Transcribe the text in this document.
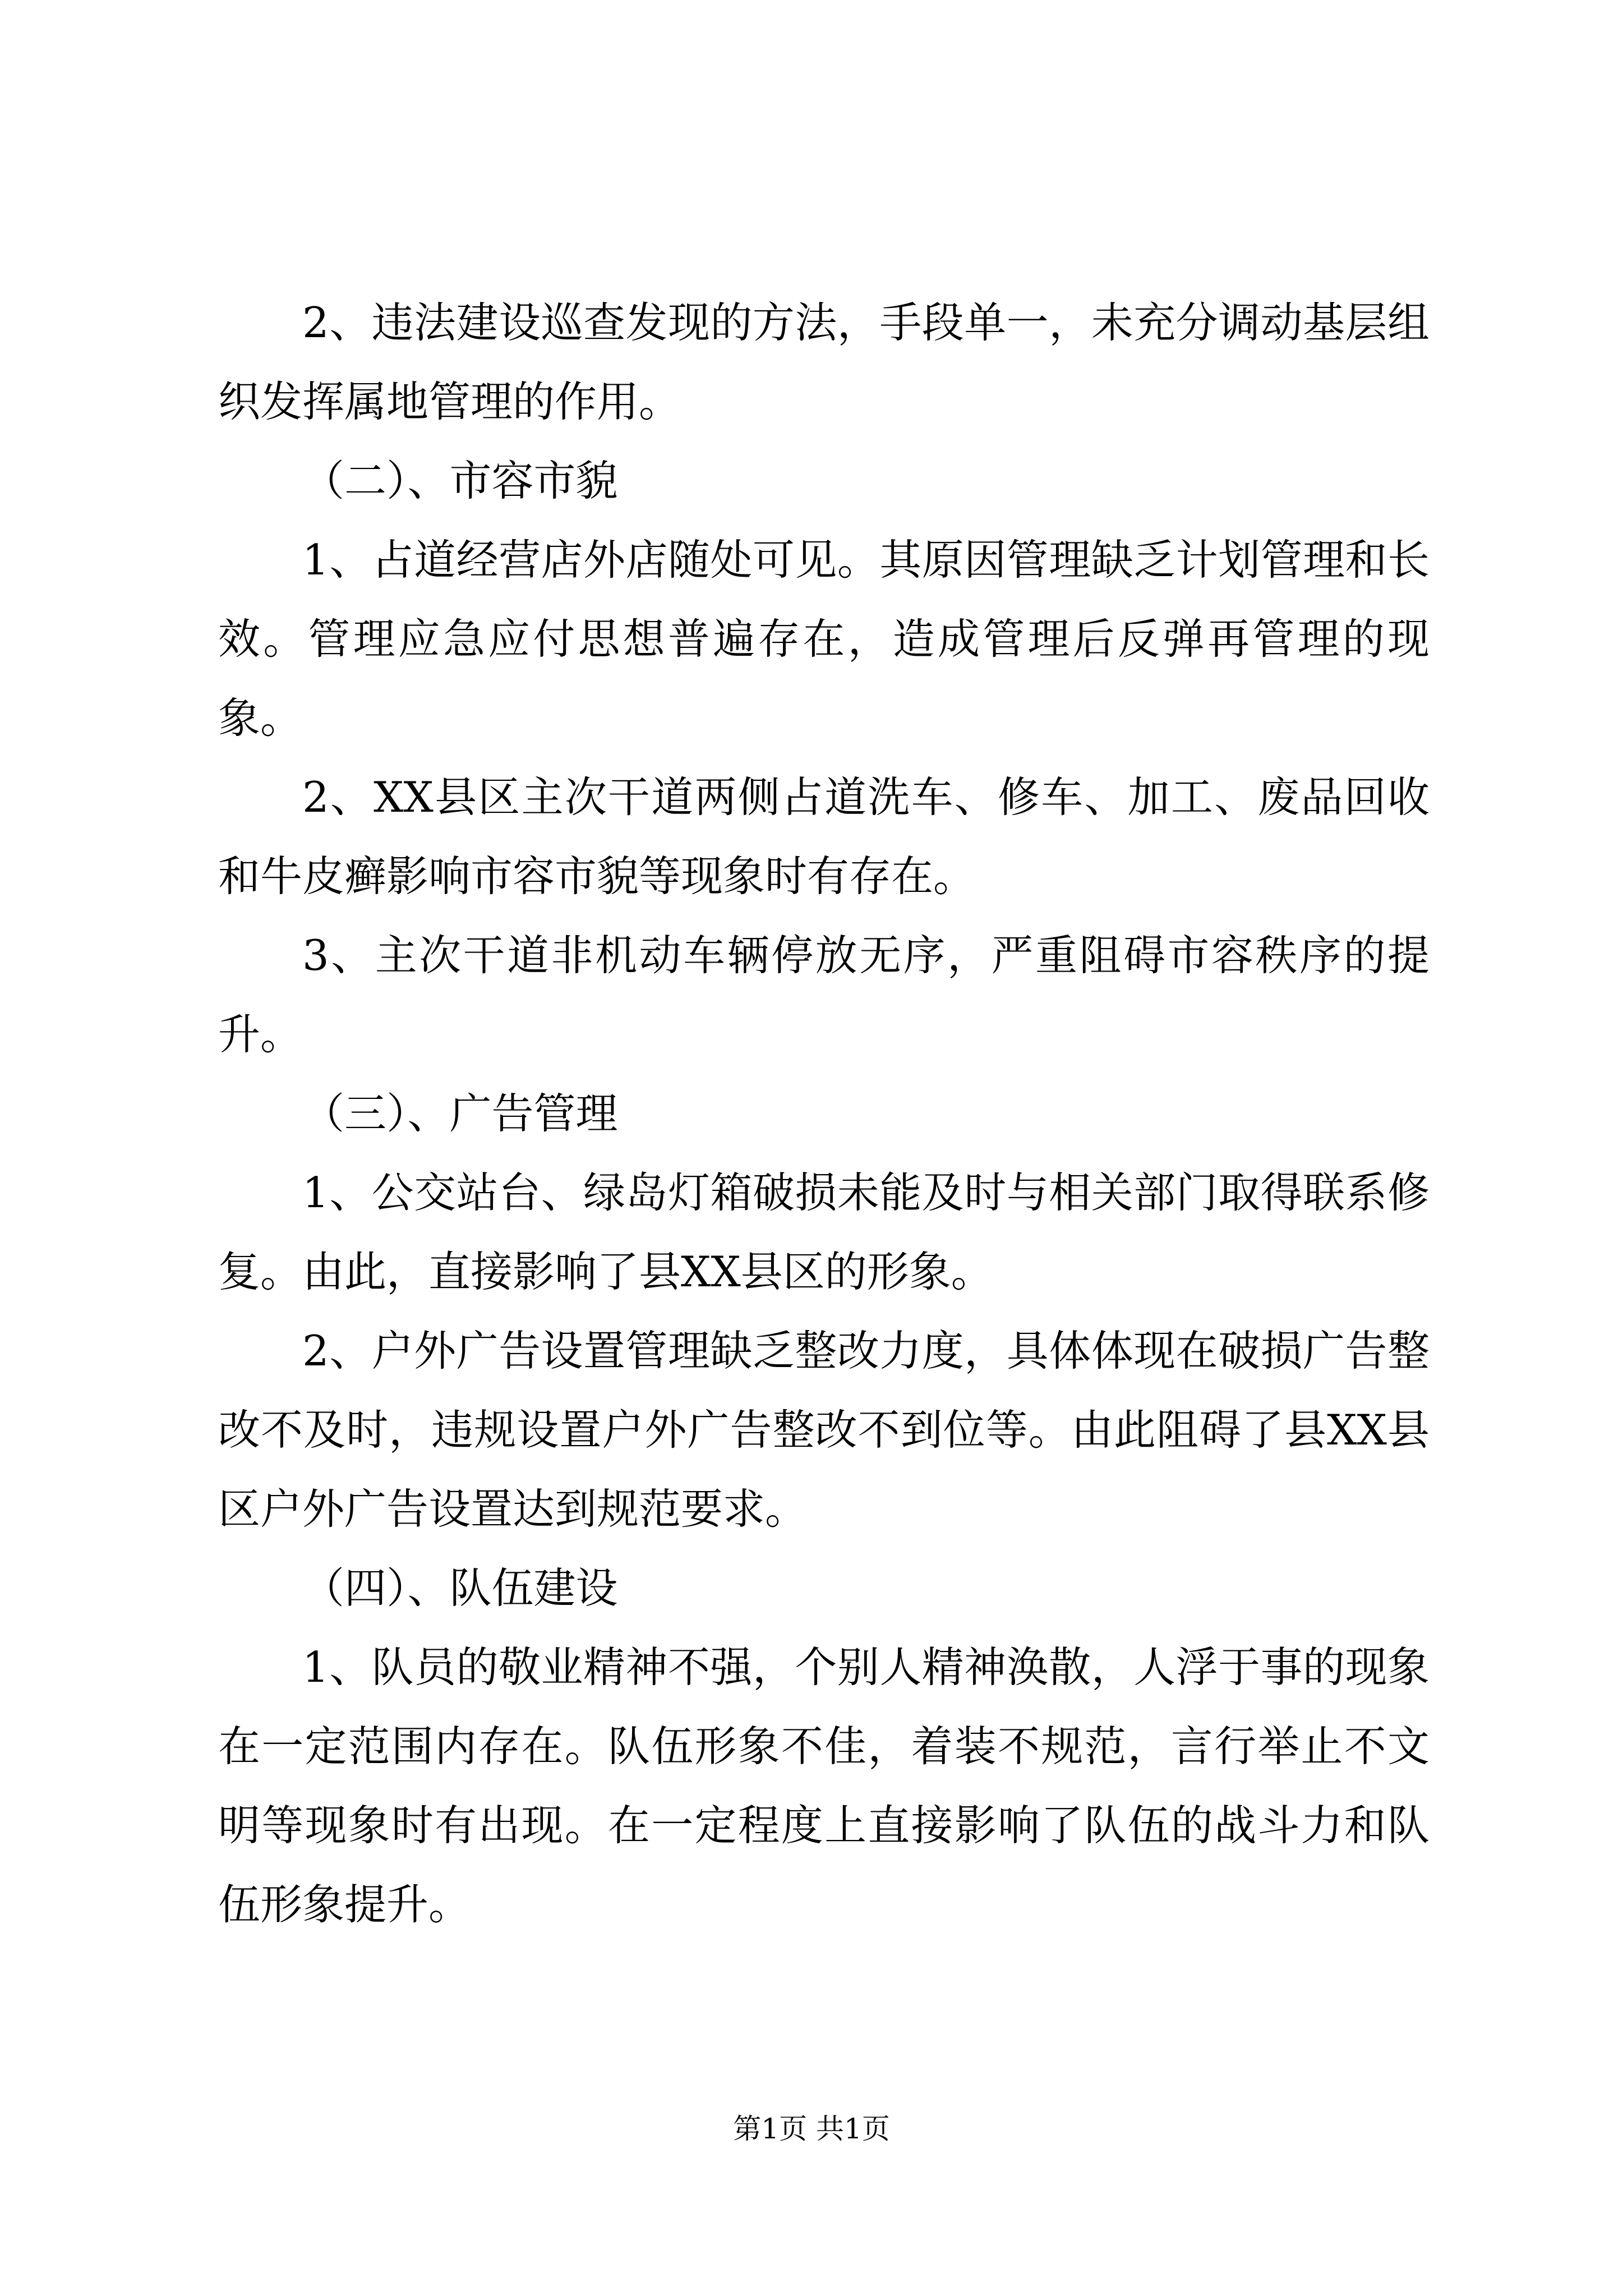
2、违法建设巡查发现的方法，手段单一，未充分调动基层组织发挥属地管理的作用。

（二）、市容市貌

1、占道经营店外店随处可见。其原因管理缺乏计划管理和长效。管理应急应付思想普遍存在，造成管理后反弹再管理的现象。

2、XX县区主次干道两侧占道洗车、修车、加工、废品回收和牛皮癣影响市容市貌等现象时有存在。

3、主次干道非机动车辆停放无序，严重阻碍市容秩序的提升。

（三）、广告管理

1、公交站台、绿岛灯箱破损未能及时与相关部门取得联系修复。由此，直接影响了县XX县区的形象。

2、户外广告设置管理缺乏整改力度，具体体现在破损广告整改不及时，违规设置户外广告整改不到位等。由此阻碍了县XX县区户外广告设置达到规范要求。

（四）、队伍建设

1、队员的敬业精神不强，个别人精神涣散，人浮于事的现象在一定范围内存在。队伍形象不佳，着装不规范，言行举止不文明等现象时有出现。在一定程度上直接影响了队伍的战斗力和队伍形象提升。

第1页 共1页
